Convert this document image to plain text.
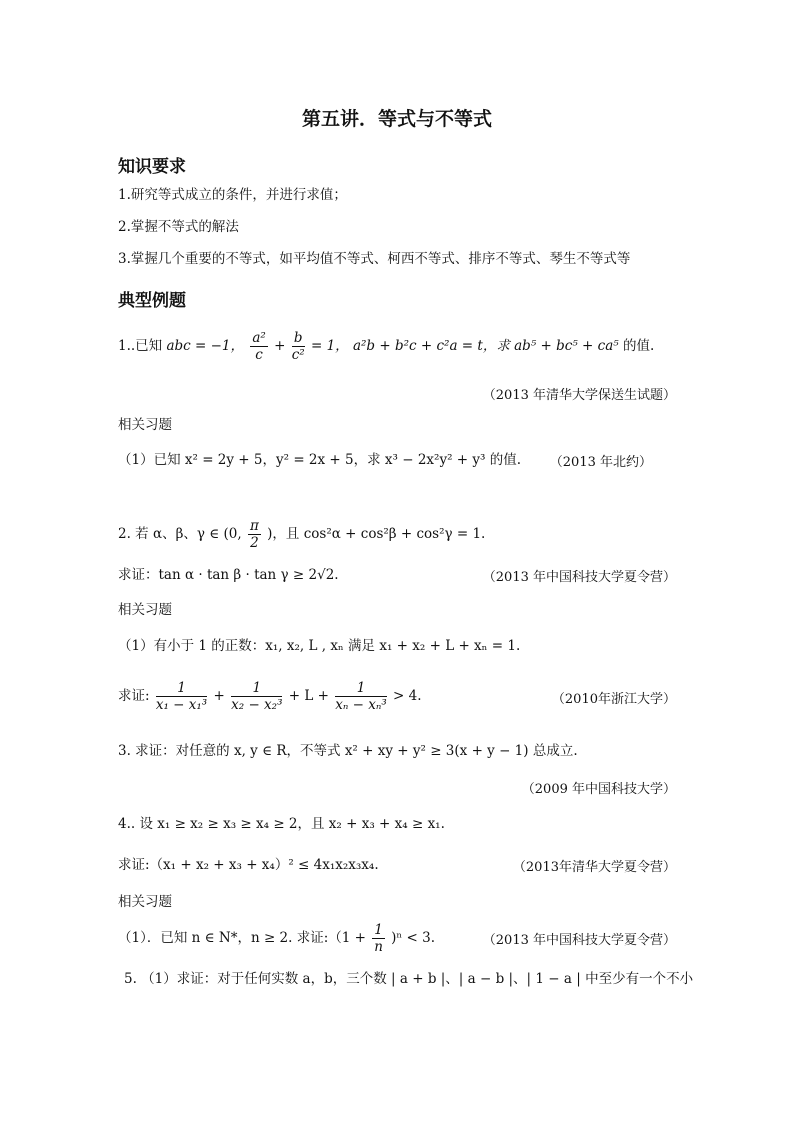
第五讲．等式与不等式
知识要求
1.研究等式成立的条件，并进行求值；
2.掌握不等式的解法
3.掌握几个重要的不等式，如平均值不等式、柯西不等式、排序不等式、琴生不等式等
典型例题
1..已知 abc = −1， $\frac{\text{a²}}{c} + \frac{b}{\text{c²}} = 1$， a²b + b²c + c²a = t，求 ab⁵ + bc⁵ + ca⁵ 的值.
（2013 年清华大学保送生试题）
相关习题
（1）已知 x² = 2y + 5，y² = 2x + 5，求 x³ − 2x²y² + y³ 的值. （2013 年北约）
2. 若 α、β、γ ∈ (0, $\frac{\pi}{2}$ )，且 cos²α + cos²β + cos²γ = 1.
求证：tan α · tan β · tan γ ≥ 2√2.	（2013 年中国科技大学夏令营）
相关习题
（1）有小于 1 的正数：x₁, x₂, L , xₙ 满足 x₁ + x₂ + L + xₙ = 1.
求证: $\frac{1}{\text{x₁ − x₁³}} + \frac{1}{\text{x₂ − x₂³}} + L + \frac{1}{\text{xₙ − xₙ³}} > 4$.	（2010年浙江大学）
3. 求证：对任意的 x, y ∈ R，不等式 x² + xy + y² ≥ 3(x + y − 1) 总成立.
（2009 年中国科技大学）
4.. 设 x₁ ≥ x₂ ≥ x₃ ≥ x₄ ≥ 2，且 x₂ + x₃ + x₄ ≥ x₁.
求证:（x₁ + x₂ + x₃ + x₄）² ≤ 4x₁x₂x₃x₄.	（2013年清华大学夏令营）
相关习题
（1）．已知 n ∈ N*，n ≥ 2. 求证:（1 + $\frac{1}{n} )^n < 3$.	（2013 年中国科技大学夏令营）
5. （1）求证：对于任何实数 a，b，三个数 | a + b |、| a − b |、| 1 − a | 中至少有一个不小
